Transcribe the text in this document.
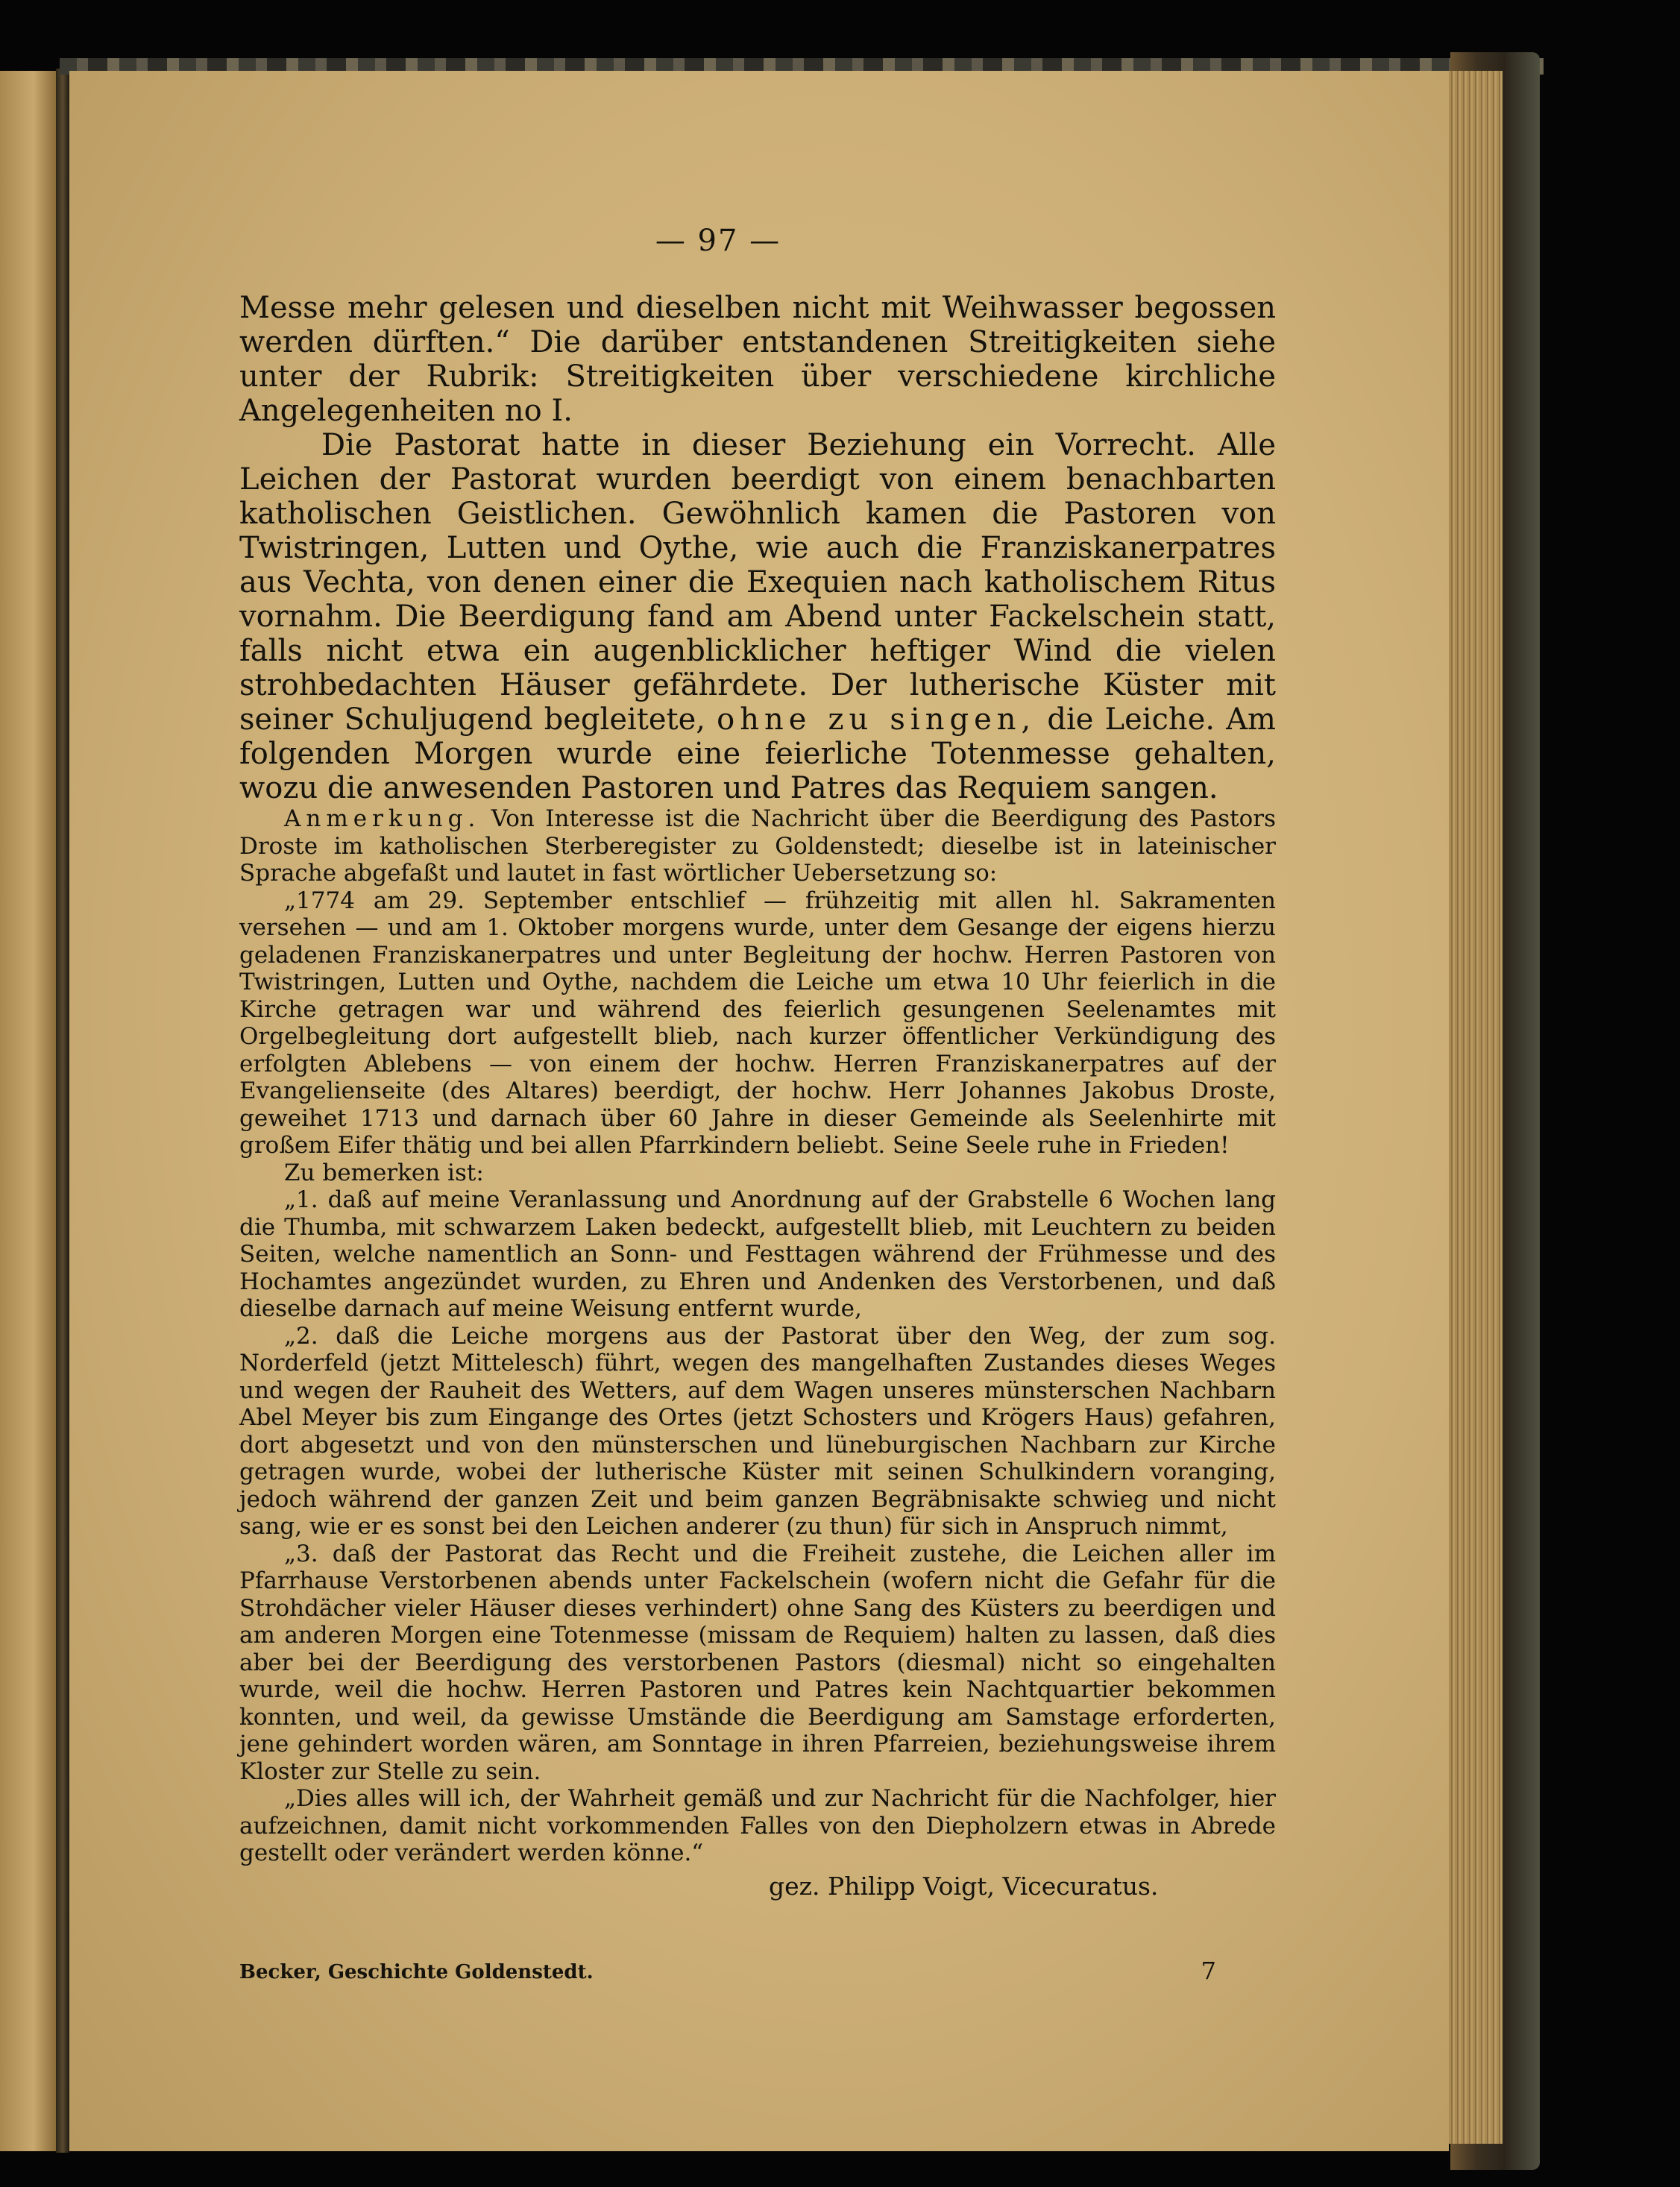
— 97 —

Messe mehr gelesen und dieselben nicht mit Weihwasser begossen werden dürften.“ Die darüber entstandenen Streitigkeiten siehe unter der Rubrik: Streitigkeiten über verschiedene kirchliche Angelegenheiten no I.

Die Pastorat hatte in dieser Beziehung ein Vorrecht. Alle Leichen der Pastorat wurden beerdigt von einem benachbarten katholischen Geistlichen. Gewöhnlich kamen die Pastoren von Twistringen, Lutten und Oythe, wie auch die Franziskanerpatres aus Vechta, von denen einer die Exequien nach katholischem Ritus vornahm. Die Beerdigung fand am Abend unter Fackelschein statt, falls nicht etwa ein augenblicklicher heftiger Wind die vielen strohbedachten Häuser gefährdete. Der lutherische Küster mit seiner Schuljugend begleitete, ohne zu singen, die Leiche. Am folgenden Morgen wurde eine feierliche Totenmesse gehalten, wozu die anwesenden Pastoren und Patres das Requiem sangen.

Anmerkung. Von Interesse ist die Nachricht über die Beerdigung des Pastors Droste im katholischen Sterberegister zu Goldenstedt; dieselbe ist in lateinischer Sprache abgefaßt und lautet in fast wörtlicher Uebersetzung so:

„1774 am 29. September entschlief — frühzeitig mit allen hl. Sakramenten versehen — und am 1. Oktober morgens wurde, unter dem Gesange der eigens hierzu geladenen Franziskanerpatres und unter Begleitung der hochw. Herren Pastoren von Twistringen, Lutten und Oythe, nachdem die Leiche um etwa 10 Uhr feierlich in die Kirche getragen war und während des feierlich gesungenen Seelenamtes mit Orgelbegleitung dort aufgestellt blieb, nach kurzer öffentlicher Verkündigung des erfolgten Ablebens — von einem der hochw. Herren Franziskanerpatres auf der Evangelienseite (des Altares) beerdigt, der hochw. Herr Johannes Jakobus Droste, geweihet 1713 und darnach über 60 Jahre in dieser Gemeinde als Seelenhirte mit großem Eifer thätig und bei allen Pfarrkindern beliebt. Seine Seele ruhe in Frieden!

Zu bemerken ist:

„1. daß auf meine Veranlassung und Anordnung auf der Grabstelle 6 Wochen lang die Thumba, mit schwarzem Laken bedeckt, aufgestellt blieb, mit Leuchtern zu beiden Seiten, welche namentlich an Sonn- und Festtagen während der Frühmesse und des Hochamtes angezündet wurden, zu Ehren und Andenken des Verstorbenen, und daß dieselbe darnach auf meine Weisung entfernt wurde,

„2. daß die Leiche morgens aus der Pastorat über den Weg, der zum sog. Norderfeld (jetzt Mittelesch) führt, wegen des mangelhaften Zustandes dieses Weges und wegen der Rauheit des Wetters, auf dem Wagen unseres münsterschen Nachbarn Abel Meyer bis zum Eingange des Ortes (jetzt Schosters und Krögers Haus) gefahren, dort abgesetzt und von den münsterschen und lüneburgischen Nachbarn zur Kirche getragen wurde, wobei der lutherische Küster mit seinen Schulkindern voranging, jedoch während der ganzen Zeit und beim ganzen Begräbnisakte schwieg und nicht sang, wie er es sonst bei den Leichen anderer (zu thun) für sich in Anspruch nimmt,

„3. daß der Pastorat das Recht und die Freiheit zustehe, die Leichen aller im Pfarrhause Verstorbenen abends unter Fackelschein (wofern nicht die Gefahr für die Strohdächer vieler Häuser dieses verhindert) ohne Sang des Küsters zu beerdigen und am anderen Morgen eine Totenmesse (missam de Requiem) halten zu lassen, daß dies aber bei der Beerdigung des verstorbenen Pastors (diesmal) nicht so eingehalten wurde, weil die hochw. Herren Pastoren und Patres kein Nachtquartier bekommen konnten, und weil, da gewisse Umstände die Beerdigung am Samstage erforderten, jene gehindert worden wären, am Sonntage in ihren Pfarreien, beziehungsweise ihrem Kloster zur Stelle zu sein.

„Dies alles will ich, der Wahrheit gemäß und zur Nachricht für die Nachfolger, hier aufzeichnen, damit nicht vorkommenden Falles von den Diepholzern etwas in Abrede gestellt oder verändert werden könne.“

gez. Philipp Voigt, Vicecuratus.

Becker, Geschichte Goldenstedt.	7
